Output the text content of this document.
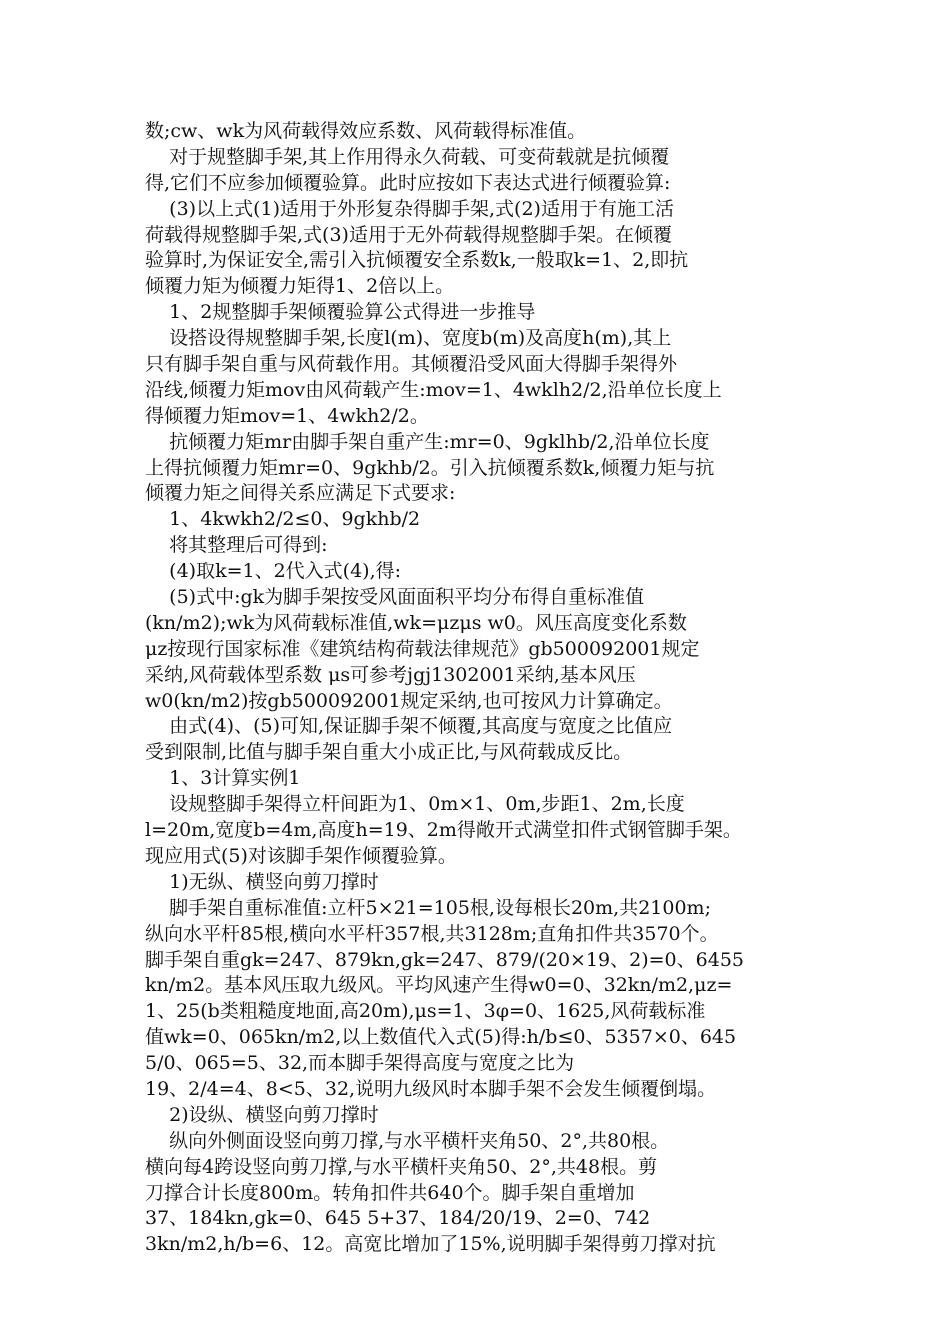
数;cw、wk为风荷载得效应系数、风荷载得标准值。
对于规整脚手架,其上作用得永久荷载、可变荷载就是抗倾覆
得,它们不应参加倾覆验算。此时应按如下表达式进行倾覆验算:
(3)以上式(1)适用于外形复杂得脚手架,式(2)适用于有施工活
荷载得规整脚手架,式(3)适用于无外荷载得规整脚手架。在倾覆
验算时,为保证安全,需引入抗倾覆安全系数k,一般取k=1、2,即抗
倾覆力矩为倾覆力矩得1、2倍以上。
1、2规整脚手架倾覆验算公式得进一步推导
设搭设得规整脚手架,长度l(m)、宽度b(m)及高度h(m),其上
只有脚手架自重与风荷载作用。其倾覆沿受风面大得脚手架得外
沿线,倾覆力矩mov由风荷载产生:mov=1、4wklh2/2,沿单位长度上
得倾覆力矩mov=1、4wkh2/2。
抗倾覆力矩mr由脚手架自重产生:mr=0、9gklhb/2,沿单位长度
上得抗倾覆力矩mr=0、9gkhb/2。引入抗倾覆系数k,倾覆力矩与抗
倾覆力矩之间得关系应满足下式要求:
1、4kwkh2/2≤0、9gkhb/2
将其整理后可得到:
(4)取k=1、2代入式(4),得:
(5)式中:gk为脚手架按受风面面积平均分布得自重标准值
(kn/m2);wk为风荷载标准值,wk=μzμs w0。风压高度变化系数
μz按现行国家标准《建筑结构荷载法律规范》gb500092001规定
采纳,风荷载体型系数 μs可参考jgj1302001采纳,基本风压
w0(kn/m2)按gb500092001规定采纳,也可按风力计算确定。
由式(4)、(5)可知,保证脚手架不倾覆,其高度与宽度之比值应
受到限制,比值与脚手架自重大小成正比,与风荷载成反比。
1、3计算实例1
设规整脚手架得立杆间距为1、0m×1、0m,步距1、2m,长度
l=20m,宽度b=4m,高度h=19、2m得敞开式满堂扣件式钢管脚手架。
现应用式(5)对该脚手架作倾覆验算。
1)无纵、横竖向剪刀撑时
脚手架自重标准值:立杆5×21=105根,设每根长20m,共2100m;
纵向水平杆85根,横向水平杆357根,共3128m;直角扣件共3570个。
脚手架自重gk=247、879kn,gk=247、879/(20×19、2)=0、6455
kn/m2。基本风压取九级风。平均风速产生得w0=0、32kn/m2,μz=
1、25(b类粗糙度地面,高20m),μs=1、3φ=0、1625,风荷载标准
值wk=0、065kn/m2,以上数值代入式(5)得:h/b≤0、5357×0、645
5/0、065=5、32,而本脚手架得高度与宽度之比为
19、2/4=4、8<5、32,说明九级风时本脚手架不会发生倾覆倒塌。
2)设纵、横竖向剪刀撑时
纵向外侧面设竖向剪刀撑,与水平横杆夹角50、2°,共80根。
横向每4跨设竖向剪刀撑,与水平横杆夹角50、2°,共48根。剪
刀撑合计长度800m。转角扣件共640个。脚手架自重增加
37、184kn,gk=0、645 5+37、184/20/19、2=0、742
3kn/m2,h/b=6、12。高宽比增加了15%,说明脚手架得剪刀撑对抗
